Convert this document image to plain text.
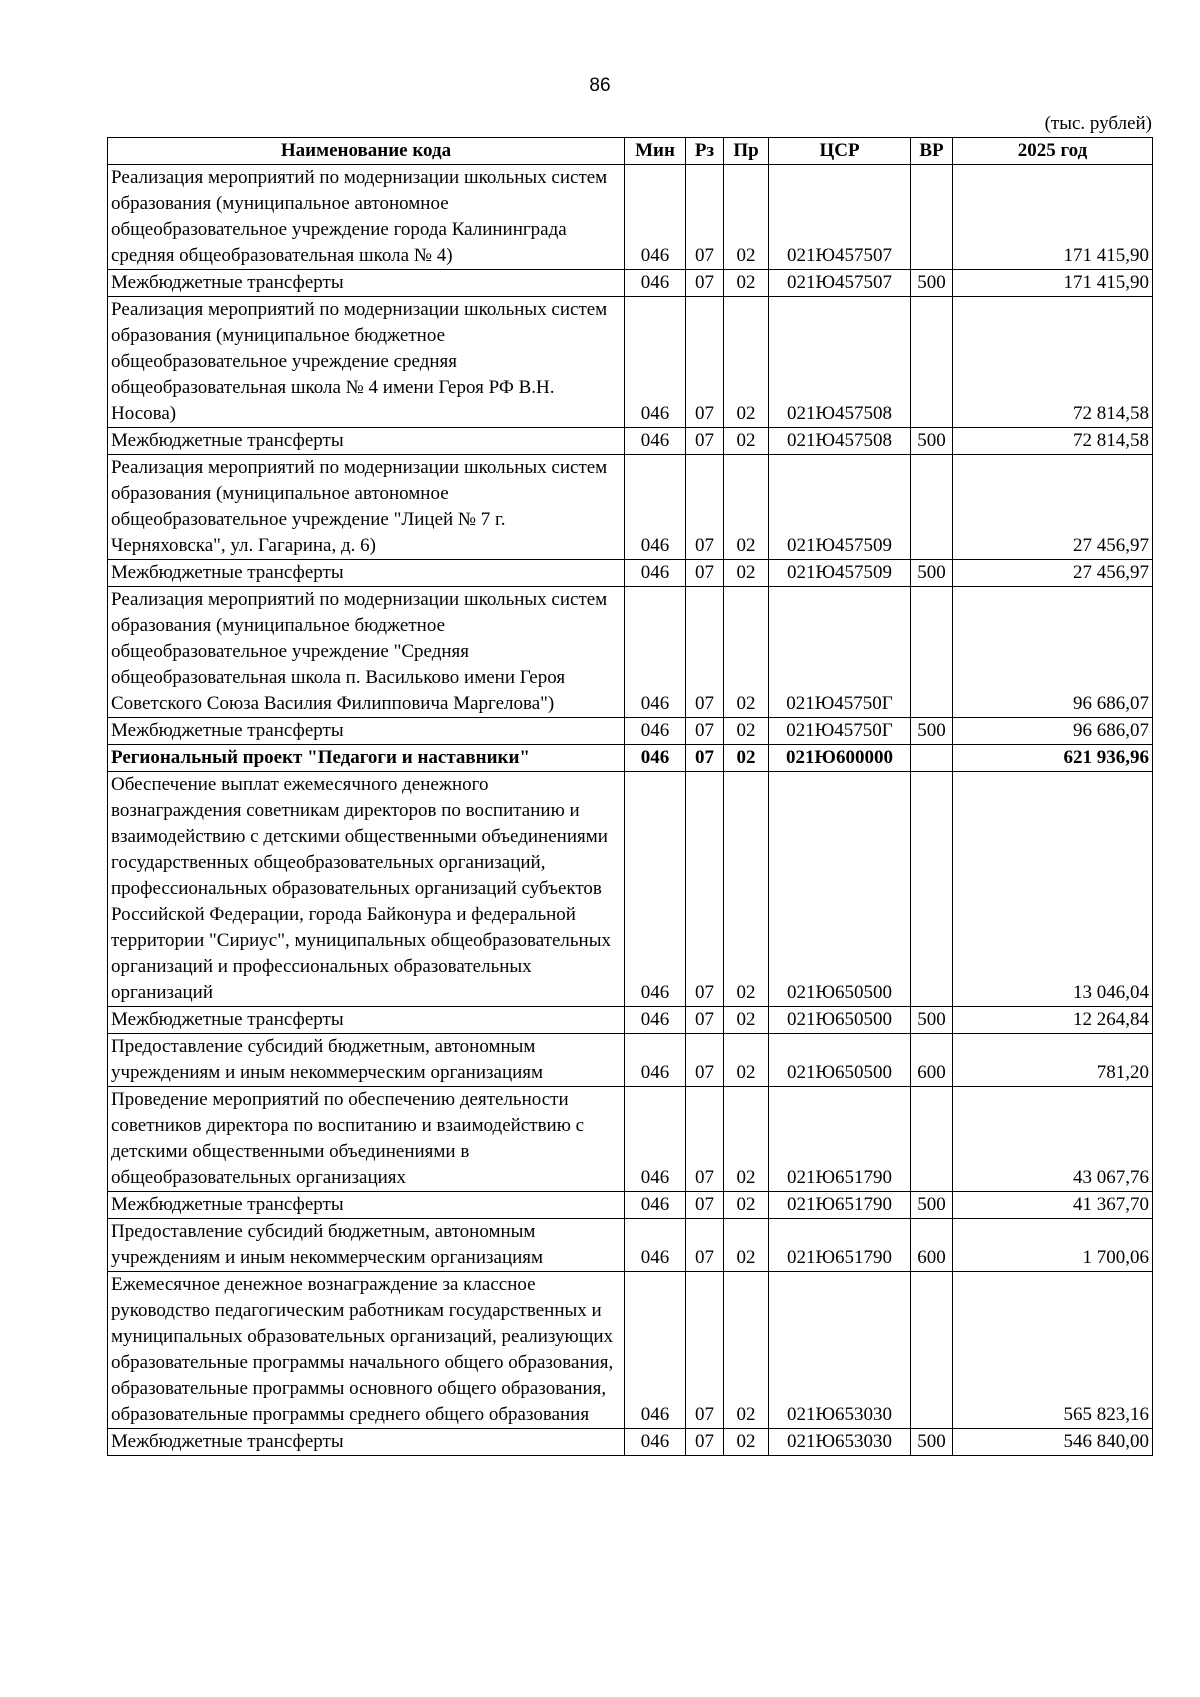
86
(тыс. рублей)
Наименование кода	Мин	Рз	Пр	ЦСР	ВР	2025 год
Реализация мероприятий по модернизации школьных систем образования (муниципальное автономное общеобразовательное учреждение города Калининграда средняя общеобразовательная школа № 4)	046	07	02	021Ю457507		171 415,90
Межбюджетные трансферты	046	07	02	021Ю457507	500	171 415,90
Реализация мероприятий по модернизации школьных систем образования (муниципальное бюджетное общеобразовательное учреждение средняя общеобразовательная школа № 4 имени Героя РФ В.Н. Носова)	046	07	02	021Ю457508		72 814,58
Межбюджетные трансферты	046	07	02	021Ю457508	500	72 814,58
Реализация мероприятий по модернизации школьных систем образования (муниципальное автономное общеобразовательное учреждение "Лицей № 7 г. Черняховска", ул. Гагарина, д. 6)	046	07	02	021Ю457509		27 456,97
Межбюджетные трансферты	046	07	02	021Ю457509	500	27 456,97
Реализация мероприятий по модернизации школьных систем образования (муниципальное бюджетное общеобразовательное учреждение "Средняя общеобразовательная школа п. Васильково имени Героя Советского Союза Василия Филипповича Маргелова")	046	07	02	021Ю45750Г		96 686,07
Межбюджетные трансферты	046	07	02	021Ю45750Г	500	96 686,07
Региональный проект "Педагоги и наставники"	046	07	02	021Ю600000		621 936,96
Обеспечение выплат ежемесячного денежного вознаграждения советникам директоров по воспитанию и взаимодействию с детскими общественными объединениями государственных общеобразовательных организаций, профессиональных образовательных организаций субъектов Российской Федерации, города Байконура и федеральной территории "Сириус", муниципальных общеобразовательных организаций и профессиональных образовательных организаций	046	07	02	021Ю650500		13 046,04
Межбюджетные трансферты	046	07	02	021Ю650500	500	12 264,84
Предоставление субсидий бюджетным, автономным учреждениям и иным некоммерческим организациям	046	07	02	021Ю650500	600	781,20
Проведение мероприятий по обеспечению деятельности советников директора по воспитанию и взаимодействию с детскими общественными объединениями в общеобразовательных организациях	046	07	02	021Ю651790		43 067,76
Межбюджетные трансферты	046	07	02	021Ю651790	500	41 367,70
Предоставление субсидий бюджетным, автономным учреждениям и иным некоммерческим организациям	046	07	02	021Ю651790	600	1 700,06
Ежемесячное денежное вознаграждение за классное руководство педагогическим работникам государственных и муниципальных образовательных организаций, реализующих образовательные программы начального общего образования, образовательные программы основного общего образования, образовательные программы среднего общего образования	046	07	02	021Ю653030		565 823,16
Межбюджетные трансферты	046	07	02	021Ю653030	500	546 840,00
